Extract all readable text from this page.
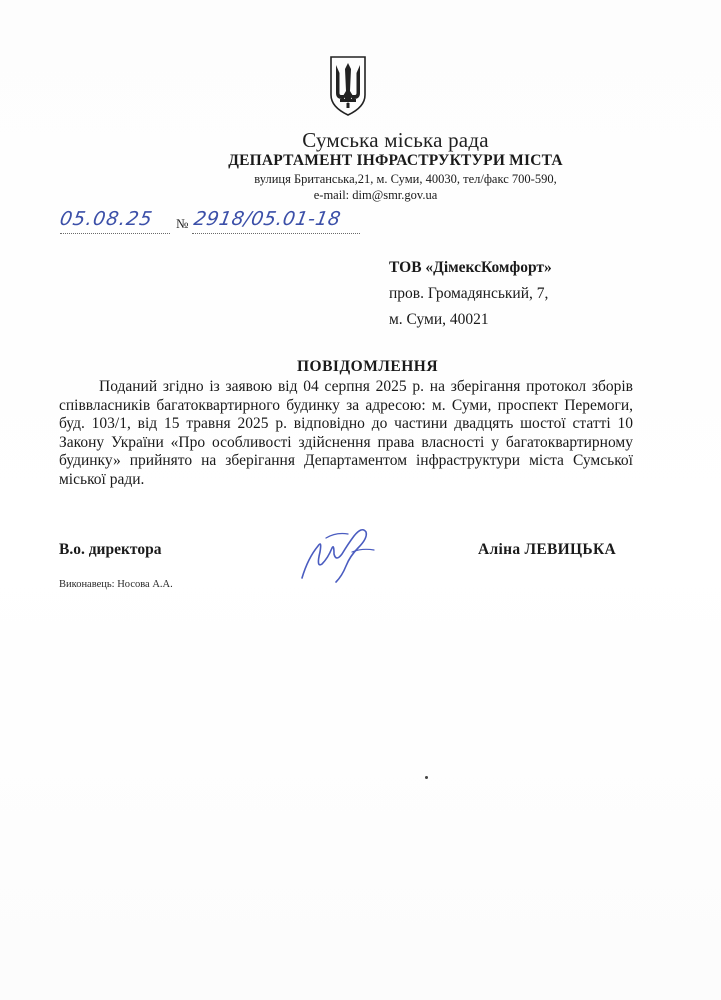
Сумська міська рада
ДЕПАРТАМЕНТ ІНФРАСТРУКТУРИ МІСТА
вулиця Британська,21, м. Суми, 40030, тел/факс 700-590,
e-mail: dim@smr.gov.ua
05.08.25 № 2918/05.01-18
ТОВ «ДімексКомфорт»
пров. Громадянський, 7,
м. Суми, 40021
ПОВІДОМЛЕННЯ
Поданий згідно із заявою від 04 серпня 2025 р. на зберігання протокол зборів співвласників багатоквартирного будинку за адресою: м. Суми, проспект Перемоги, буд. 103/1, від 15 травня 2025 р. відповідно до частини двадцять шостої статті 10 Закону України «Про особливості здійснення права власності у багатоквартирному будинку» прийнято на зберігання Департаментом інфраструктури міста Сумської міської ради.
В.о. директора	Аліна ЛЕВИЦЬКА
Виконавець: Носова А.А.
